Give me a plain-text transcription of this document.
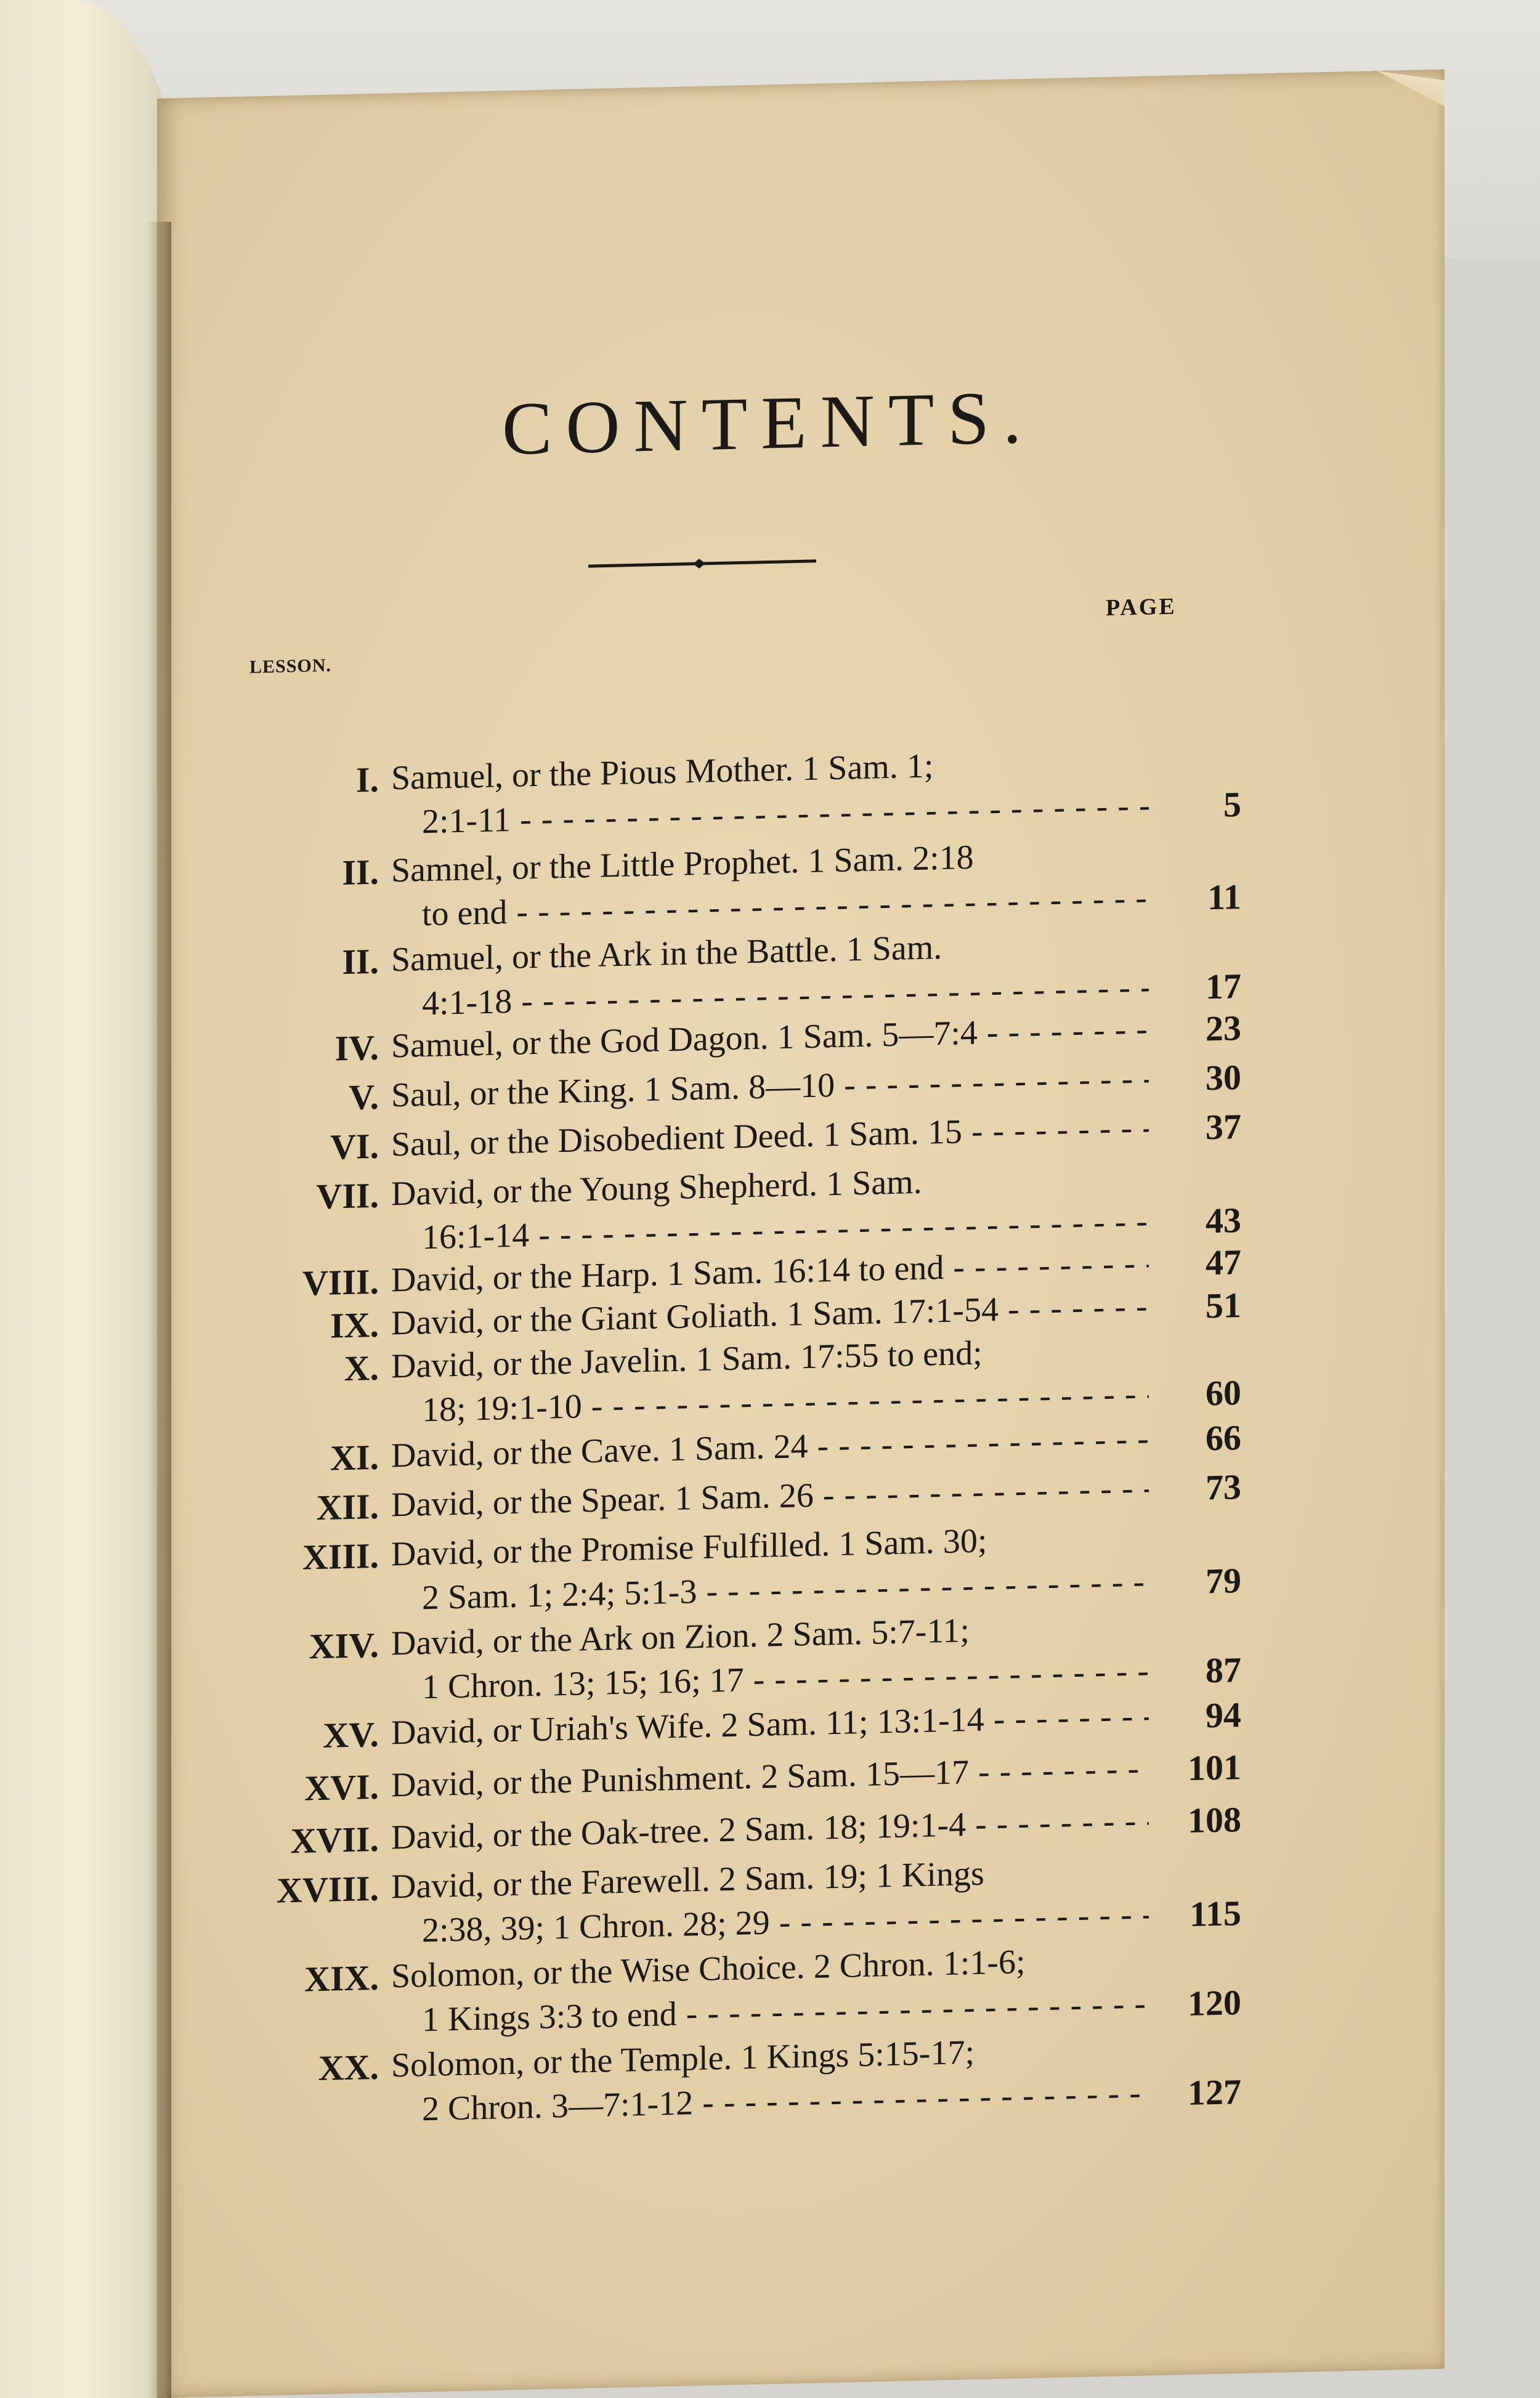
CONTENTS.
PAGE
LESSON.
I. Samuel, or the Pious Mother. 1 Sam. 1;
2:1-11 - - -	5
II. Samnel, or the Little Prophet. 1 Sam. 2:18
to end - - -	11
II. Samuel, or the Ark in the Battle. 1 Sam.
4:1-18 - - -	17
IV. Samuel, or the God Dagon. 1 Sam. 5—7:4 - - -	23
V. Saul, or the King. 1 Sam. 8—10 - - -	30
VI. Saul, or the Disobedient Deed. 1 Sam. 15 - - -	37
VII. David, or the Young Shepherd. 1 Sam.
16:1-14 - - -	43
VIII. David, or the Harp. 1 Sam. 16:14 to end - - -	47
IX. David, or the Giant Goliath. 1 Sam. 17:1-54 - - -	51
X. David, or the Javelin. 1 Sam. 17:55 to end;
18; 19:1-10 - - -	60
XI. David, or the Cave. 1 Sam. 24 - - -	66
XII. David, or the Spear. 1 Sam. 26 - - -	73
XIII. David, or the Promise Fulfilled. 1 Sam. 30;
2 Sam. 1; 2:4; 5:1-3 - - -	79
XIV. David, or the Ark on Zion. 2 Sam. 5:7-11;
1 Chron. 13; 15; 16; 17 - - -	87
XV. David, or Uriah's Wife. 2 Sam. 11; 13:1-14 - - -	94
XVI. David, or the Punishment. 2 Sam. 15—17 - - -	101
XVII. David, or the Oak-tree. 2 Sam. 18; 19:1-4 - - -	108
XVIII. David, or the Farewell. 2 Sam. 19; 1 Kings
2:38, 39; 1 Chron. 28; 29 - - -	115
XIX. Solomon, or the Wise Choice. 2 Chron. 1:1-6;
1 Kings 3:3 to end - - -	120
XX. Solomon, or the Temple. 1 Kings 5:15-17;
2 Chron. 3—7:1-12 - - -	127
